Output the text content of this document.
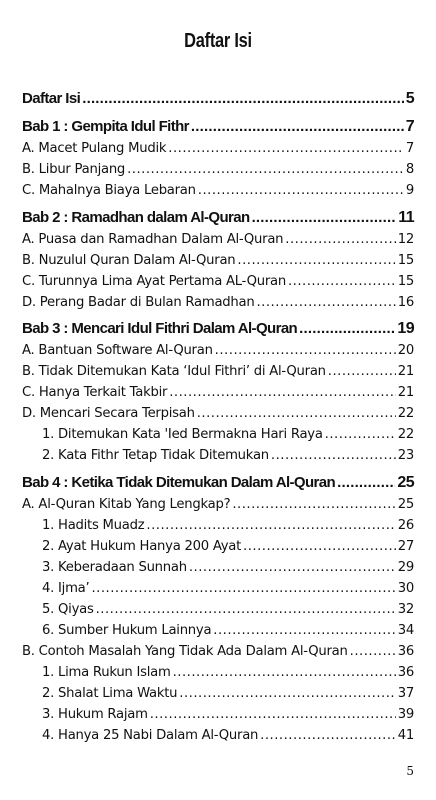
Daftar Isi
Daftar Isi .....	5
Bab 1 : Gempita Idul Fithr .....	7
A. Macet Pulang Mudik .....	7
B. Libur Panjang .....	8
C. Mahalnya Biaya Lebaran .....	9
Bab 2 : Ramadhan dalam Al-Quran .....	11
A. Puasa dan Ramadhan Dalam Al-Quran .....	12
B. Nuzulul Quran Dalam Al-Quran .....	15
C. Turunnya Lima Ayat Pertama AL-Quran .....	15
D. Perang Badar di Bulan Ramadhan .....	16
Bab 3 : Mencari Idul Fithri Dalam Al-Quran .....	19
A. Bantuan Software Al-Quran .....	20
B. Tidak Ditemukan Kata ‘Idul Fithri’ di Al-Quran .....	21
C. Hanya Terkait Takbir .....	21
D. Mencari Secara Terpisah .....	22
1. Ditemukan Kata 'Ied Bermakna Hari Raya .....	22
2. Kata Fithr Tetap Tidak Ditemukan .....	23
Bab 4 : Ketika Tidak Ditemukan Dalam Al-Quran .....	25
A. Al-Quran Kitab Yang Lengkap? .....	25
1. Hadits Muadz .....	26
2. Ayat Hukum Hanya 200 Ayat .....	27
3. Keberadaan Sunnah .....	29
4. Ijma’ .....	30
5. Qiyas .....	32
6. Sumber Hukum Lainnya .....	34
B. Contoh Masalah Yang Tidak Ada Dalam Al-Quran .....	36
1. Lima Rukun Islam .....	36
2. Shalat Lima Waktu .....	37
3. Hukum Rajam .....	39
4. Hanya 25 Nabi Dalam Al-Quran .....	41
5
